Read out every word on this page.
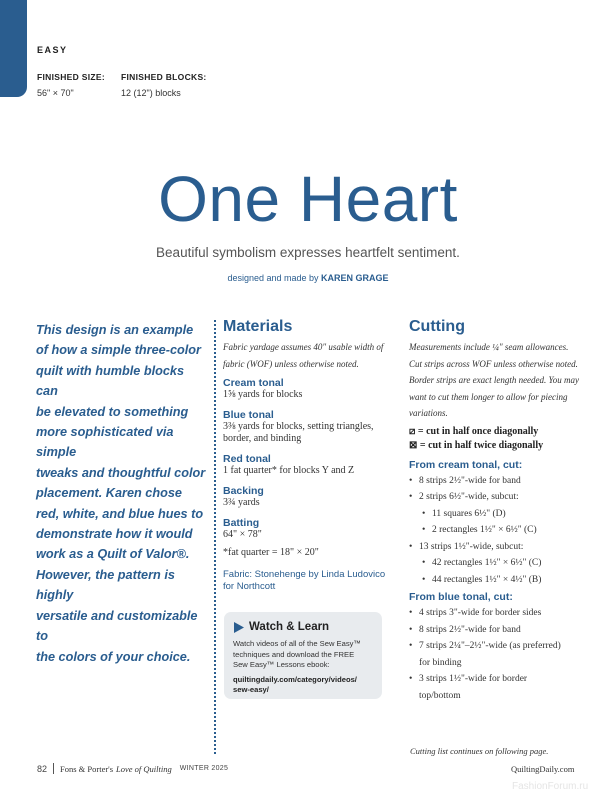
EASY
FINISHED SIZE:
56" × 70"
FINISHED BLOCKS:
12 (12") blocks
One Heart
Beautiful symbolism expresses heartfelt sentiment.
designed and made by KAREN GRAGE
This design is an example
of how a simple three-color
quilt with humble blocks can
be elevated to something
more sophisticated via simple
tweaks and thoughtful color
placement. Karen chose
red, white, and blue hues to
demonstrate how it would
work as a Quilt of Valor®.
However, the pattern is highly
versatile and customizable to
the colors of your choice.
Materials
Fabric yardage assumes 40" usable width of
fabric (WOF) unless otherwise noted.
Cream tonal
1⅝ yards for blocks
Blue tonal
3⅜ yards for blocks, setting triangles,
border, and binding
Red tonal
1 fat quarter* for blocks Y and Z
Backing
3¾ yards
Batting
64" × 78"
*fat quarter = 18" × 20"
Fabric: Stonehenge by Linda Ludovico
for Northcott
Watch & Learn
Watch videos of all of the Sew Easy™
techniques and download the FREE
Sew Easy™ Lessons ebook:
quiltingdaily.com/category/videos/
sew-easy/
Cutting
Measurements include ¼" seam allowances.
Cut strips across WOF unless otherwise noted.
Border strips are exact length needed. You may
want to cut them longer to allow for piecing
variations.
⧄ = cut in half once diagonally
⊠ = cut in half twice diagonally
From cream tonal, cut:
• 8 strips 2½"-wide for band
• 2 strips 6½"-wide, subcut:
• 11 squares 6½" (D)
• 2 rectangles 1½" × 6½" (C)
• 13 strips 1½"-wide, subcut:
• 42 rectangles 1½" × 6½" (C)
• 44 rectangles 1½" × 4½" (B)
From blue tonal, cut:
• 4 strips 3"-wide for border sides
• 8 strips 2½"-wide for band
• 7 strips 2¼"–2½"-wide (as preferred)
for binding
• 3 strips 1½"-wide for border
top/bottom
Cutting list continues on following page.
82 Fons & Porter's Love of Quilting WINTER 2025	QuiltingDaily.com
FashionForum.ru
